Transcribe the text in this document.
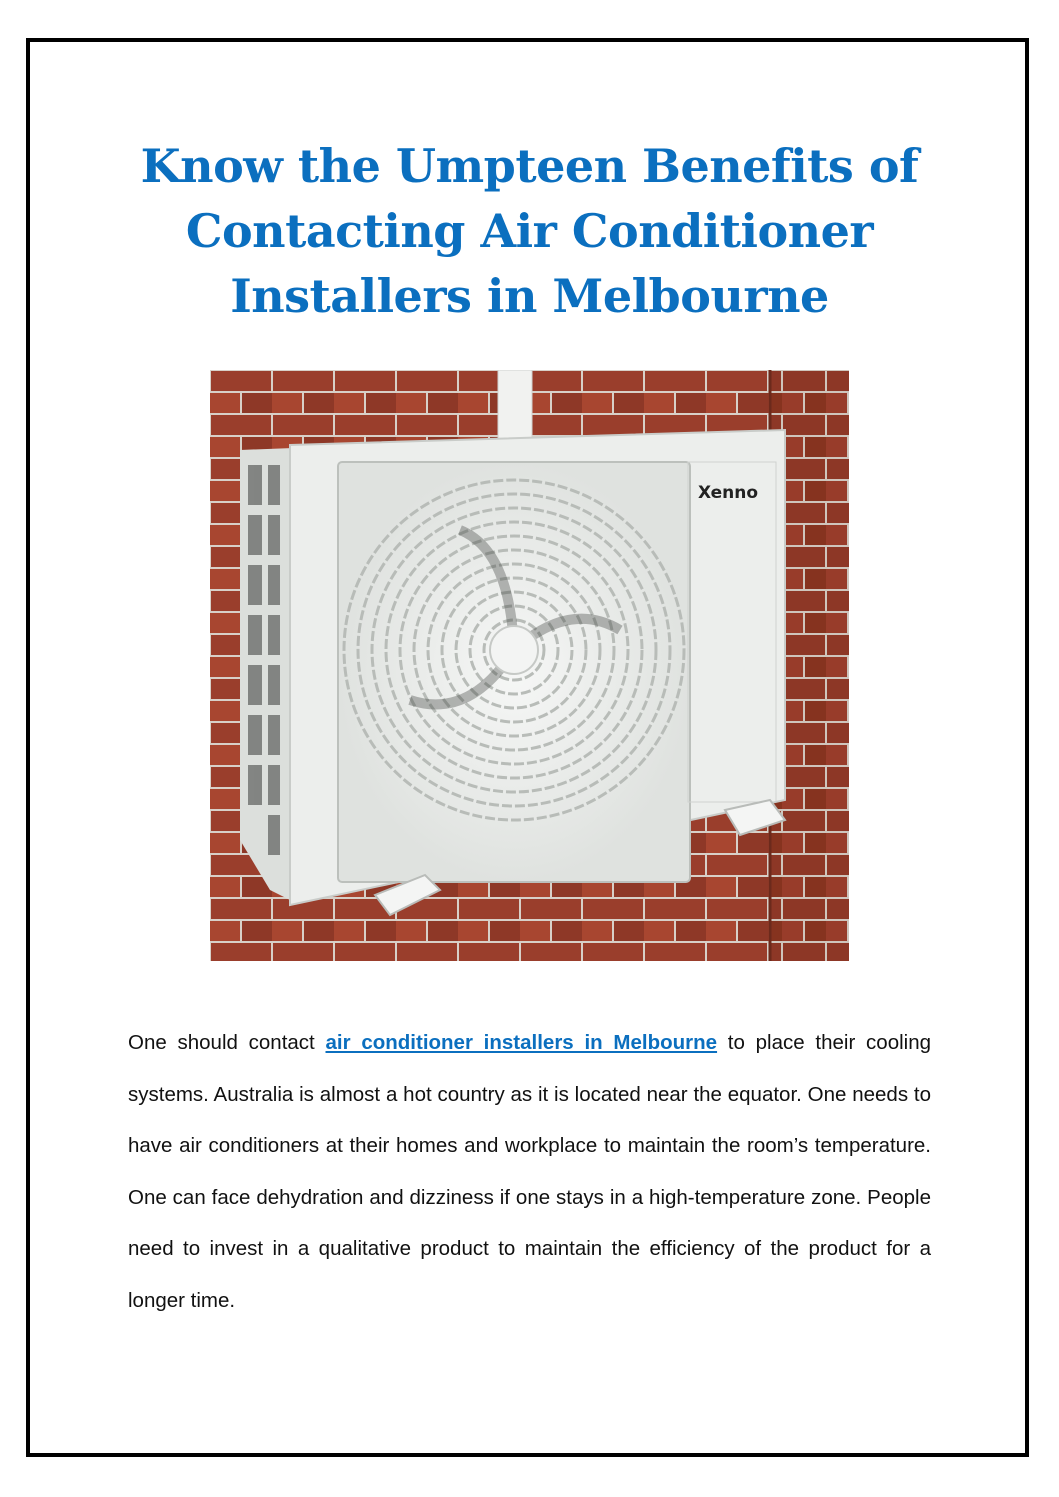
Know the Umpteen Benefits of Contacting Air Conditioner Installers in Melbourne
Xenno

One should contact air conditioner installers in Melbourne to place their cooling systems. Australia is almost a hot country as it is located near the equator. One needs to have air conditioners at their homes and workplace to maintain the room’s temperature. One can face dehydration and dizziness if one stays in a high-temperature zone. People need to invest in a qualitative product to maintain the efficiency of the product for a longer time.
